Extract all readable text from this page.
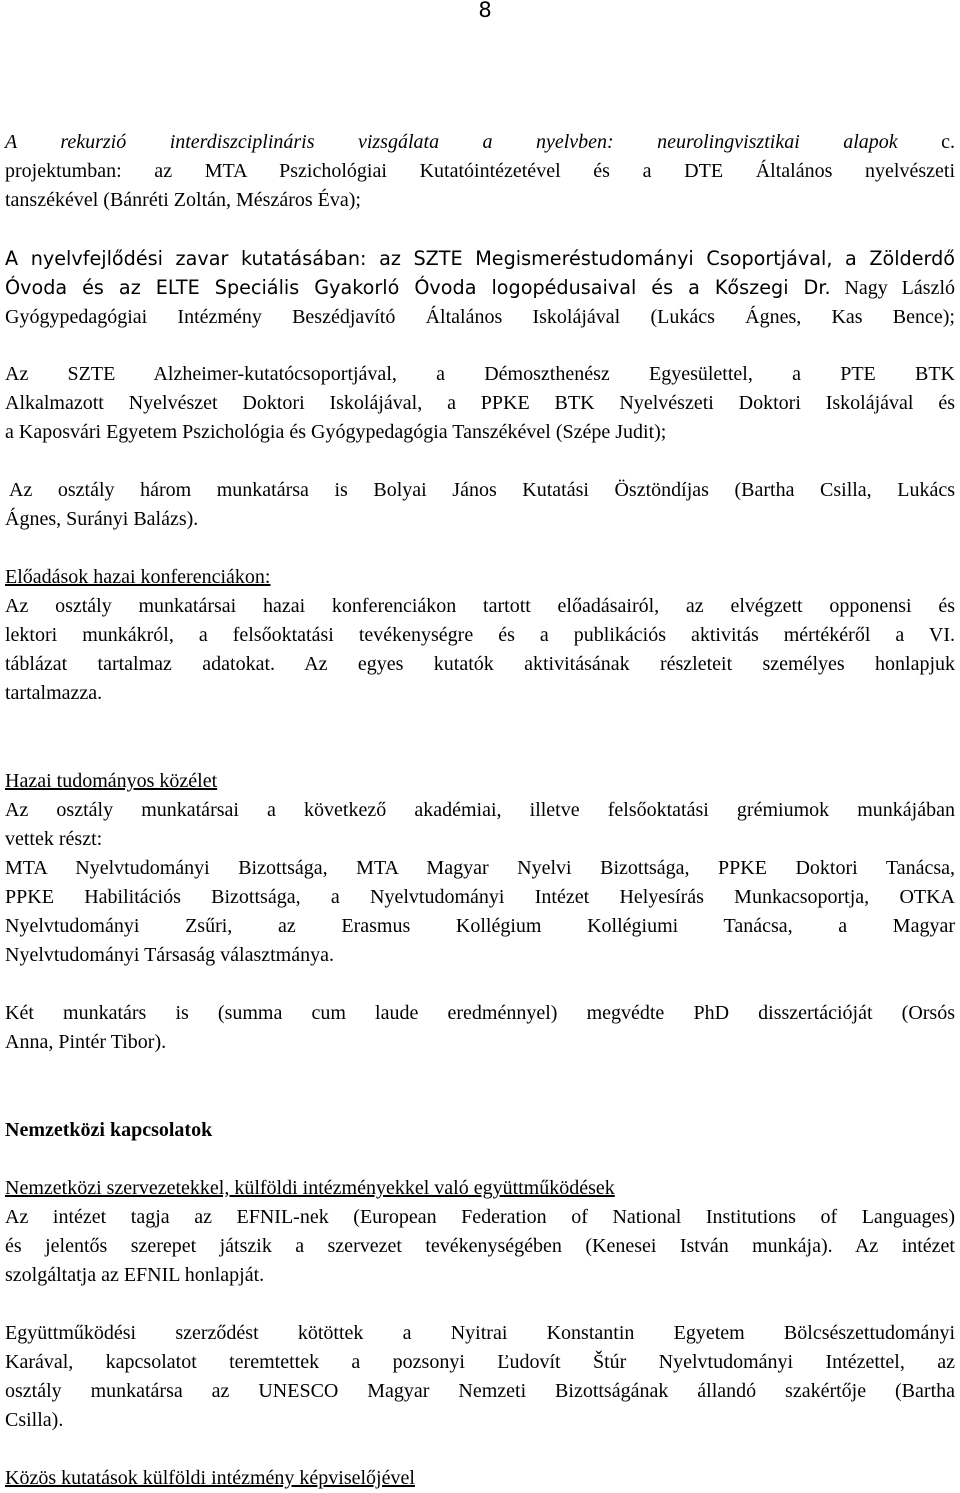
8
A rekurzió interdiszciplináris vizsgálata a nyelvben: neurolingvisztikai alapok c.
projektumban: az MTA Pszichológiai Kutatóintézetével és a DTE Általános nyelvészeti
tanszékével (Bánréti Zoltán, Mészáros Éva);
A nyelvfejlődési zavar kutatásában: az SZTE Megismeréstudományi Csoportjával, a Zölderdő
Óvoda és az ELTE Speciális Gyakorló Óvoda logopédusaival és a Kőszegi Dr. Nagy László
Gyógypedagógiai Intézmény Beszédjavító Általános Iskolájával (Lukács Ágnes, Kas Bence);
Az SZTE Alzheimer-kutatócsoportjával, a Démoszthenész Egyesülettel, a PTE BTK
Alkalmazott Nyelvészet Doktori Iskolájával, a PPKE BTK Nyelvészeti Doktori Iskolájával és
a Kaposvári Egyetem Pszichológia és Gyógypedagógia Tanszékével (Szépe Judit);
Az osztály három munkatársa is Bolyai János Kutatási Ösztöndíjas (Bartha Csilla, Lukács
Ágnes, Surányi Balázs).
Előadások hazai konferenciákon:
Az osztály munkatársai hazai konferenciákon tartott előadásairól, az elvégzett opponensi és
lektori munkákról, a felsőoktatási tevékenységre és a publikációs aktivitás mértékéről a VI.
táblázat tartalmaz adatokat. Az egyes kutatók aktivitásának részleteit személyes honlapjuk
tartalmazza.
Hazai tudományos közélet
Az osztály munkatársai a következő akadémiai, illetve felsőoktatási grémiumok munkájában
vettek részt:
MTA Nyelvtudományi Bizottsága, MTA Magyar Nyelvi Bizottsága, PPKE Doktori Tanácsa,
PPKE Habilitációs Bizottsága, a Nyelvtudományi Intézet Helyesírás Munkacsoportja, OTKA
Nyelvtudományi Zsűri, az Erasmus Kollégium Kollégiumi Tanácsa, a Magyar
Nyelvtudományi Társaság választmánya.
Két munkatárs is (summa cum laude eredménnyel) megvédte PhD disszertációját (Orsós
Anna, Pintér Tibor).
Nemzetközi kapcsolatok
Nemzetközi szervezetekkel, külföldi intézményekkel való együttműködések
Az intézet tagja az EFNIL-nek (European Federation of National Institutions of Languages)
és jelentős szerepet játszik a szervezet tevékenységében (Kenesei István munkája). Az intézet
szolgáltatja az EFNIL honlapját.
Együttműködési szerződést kötöttek a Nyitrai Konstantin Egyetem Bölcsészettudományi
Karával, kapcsolatot teremtettek a pozsonyi Ľudovít Štúr Nyelvtudományi Intézettel, az
osztály munkatársa az UNESCO Magyar Nemzeti Bizottságának állandó szakértője (Bartha
Csilla).
Közös kutatások külföldi intézmény képviselőjével
